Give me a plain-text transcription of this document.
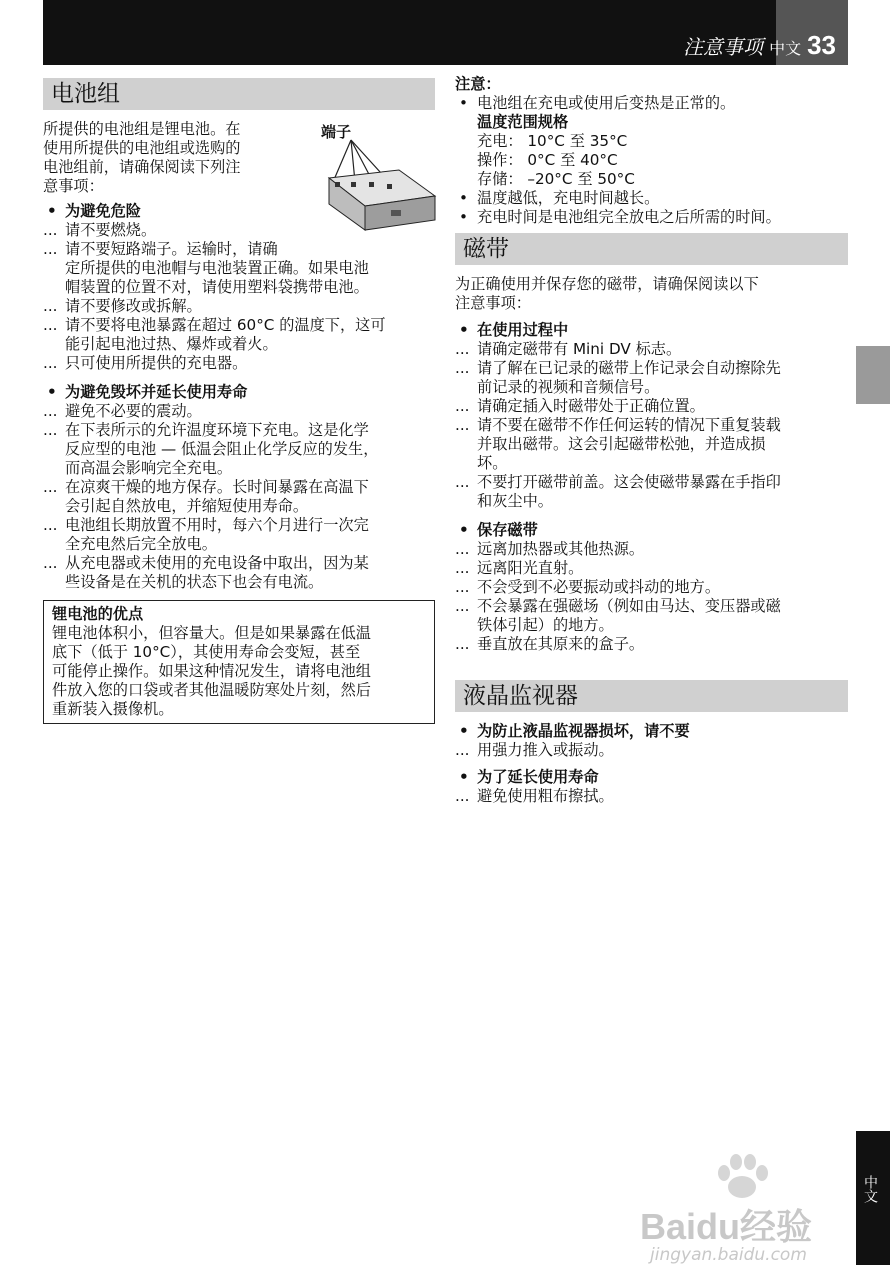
注意事项 中文 33
电池组

所提供的电池组是锂电池。在

使用所提供的电池组或选购的

电池组前，请确保阅读下列注

意事项：

• 为避免危险
... 请不要燃烧。
... 请不要短路端子。运输时，请确
定所提供的电池帽与电池装置正确。如果电池
帽装置的位置不对，请使用塑料袋携带电池。
... 请不要修改或拆解。
... 请不要将电池暴露在超过 60°C 的温度下，这可
能引起电池过热、爆炸或着火。
... 只可使用所提供的充电器。
• 为避免毁坏并延长使用寿命
... 避免不必要的震动。
... 在下表所示的允许温度环境下充电。这是化学
反应型的电池 — 低温会阻止化学反应的发生，
而高温会影响完全充电。
... 在凉爽干燥的地方保存。长时间暴露在高温下
会引起自然放电，并缩短使用寿命。
... 电池组长期放置不用时，每六个月进行一次完
全充电然后完全放电。
... 从充电器或未使用的充电设备中取出，因为某
些设备是在关机的状态下也会有电流。
锂电池的优点
锂电池体积小，但容量大。但是如果暴露在低温
底下（低于 10°C），其使用寿命会变短，甚至
可能停止操作。如果这种情况发生，请将电池组
件放入您的口袋或者其他温暖防寒处片刻，然后
重新装入摄像机。
端子
注意：
• 电池组在充电或使用后变热是正常的。
温度范围规格
充电： 10°C 至 35°C
操作： 0°C 至 40°C
存储： –20°C 至 50°C
• 温度越低，充电时间越长。
• 充电时间是电池组完全放电之后所需的时间。
磁带
为正确使用并保存您的磁带，请确保阅读以下
注意事项：
• 在使用过程中
... 请确定磁带有 Mini DV 标志。
... 请了解在已记录的磁带上作记录会自动擦除先
前记录的视频和音频信号。
... 请确定插入时磁带处于正确位置。
... 请不要在磁带不作任何运转的情况下重复装载
并取出磁带。这会引起磁带松弛，并造成损
坏。
... 不要打开磁带前盖。这会使磁带暴露在手指印
和灰尘中。
• 保存磁带
... 远离加热器或其他热源。
... 远离阳光直射。
... 不会受到不必要振动或抖动的地方。
... 不会暴露在强磁场（例如由马达、变压器或磁
铁体引起）的地方。
... 垂直放在其原来的盒子。
液晶监视器
• 为防止液晶监视器损坏，请不要
... 用强力推入或振动。
• 为了延长使用寿命
... 避免使用粗布擦拭。
中文
Baidu经验
jingyan.baidu.com
